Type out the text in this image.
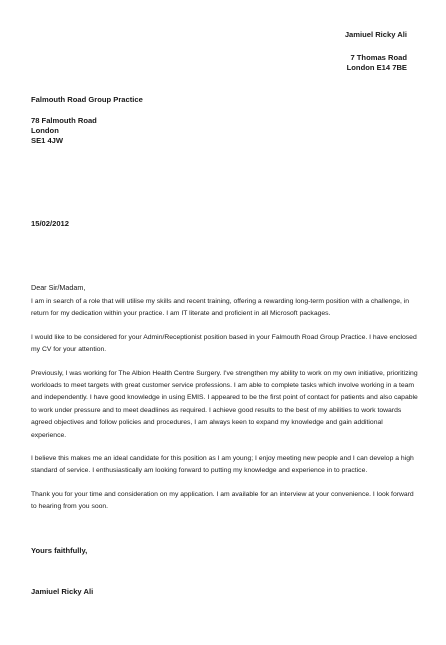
Jamiuel Ricky Ali
7 Thomas Road
London E14 7BE
Falmouth Road Group Practice
78 Falmouth Road
London
SE1 4JW
15/02/2012
Dear Sir/Madam,

I am in search of a role that will utilise my skills and recent training, offering a rewarding long-term position with a challenge, in return for my dedication within your practice. I am IT literate and proficient in all Microsoft packages.

I would like to be considered for your Admin/Receptionist position based in your Falmouth Road Group Practice. I have enclosed my CV for your attention.

Previously, I was working for The Albion Health Centre Surgery. I've strengthen my ability to work on my own initiative, prioritizing workloads to meet targets with great customer service professions. I am able to complete tasks which involve working in a team and independently. I have good knowledge in using EMIS. I appeared to be the first point of contact for patients and also capable to work under pressure and to meet deadlines as required. I achieve good results to the best of my abilities to work towards agreed objectives and follow policies and procedures, I am always keen to expand my knowledge and gain additional experience.

I believe this makes me an ideal candidate for this position as I am young; I enjoy meeting new people and I can develop a high standard of service. I enthusiastically am looking forward to putting my knowledge and experience in to practice.

Thank you for your time and consideration on my application. I am available for an interview at your convenience. I look forward to hearing from you soon.

Yours faithfully,
Jamiuel Ricky Ali
